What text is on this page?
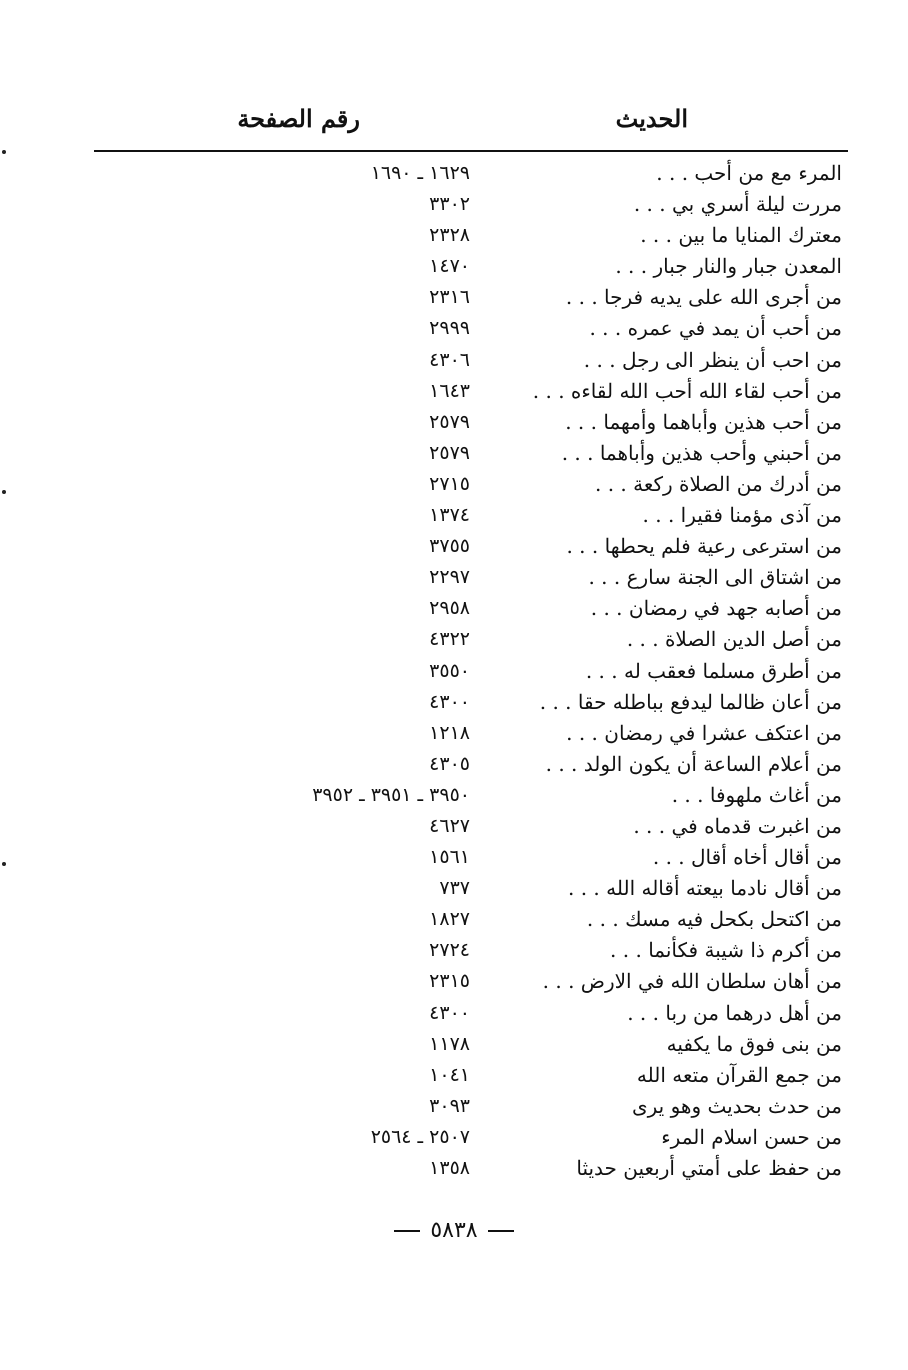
الحديث
رقم الصفحة
المرء مع من أحب . . .
١٦٢٩ ـ ١٦٩٠
مررت ليلة أسري بي . . .
٣٣٠٢
معترك المنايا ما بين . . .
٢٣٢٨
المعدن جبار والنار جبار . . .
١٤٧٠
من أجرى الله على يديه فرجا . . .
٢٣١٦
من أحب أن يمد في عمره . . .
٢٩٩٩
من احب أن ينظر الى رجل . . .
٤٣٠٦
من أحب لقاء الله أحب الله لقاءه . . .
١٦٤٣
من أحب هذين وأباهما وأمهما . . .
٢٥٧٩
من أحبني وأحب هذين وأباهما . . .
٢٥٧٩
من أدرك من الصلاة ركعة . . .
٢٧١٥
من آذى مؤمنا فقيرا . . .
١٣٧٤
من استرعى رعية فلم يحطها . . .
٣٧٥٥
من اشتاق الى الجنة سارع . . .
٢٢٩٧
من أصابه جهد في رمضان . . .
٢٩٥٨
من أصل الدين الصلاة . . .
٤٣٢٢
من أطرق مسلما فعقب له . . .
٣٥٥٠
من أعان ظالما ليدفع بباطله حقا . . .
٤٣٠٠
من اعتكف عشرا في رمضان . . .
١٢١٨
من أعلام الساعة أن يكون الولد . . .
٤٣٠٥
من أغاث ملهوفا . . .
٣٩٥٠ ـ ٣٩٥١ ـ ٣٩٥٢
من اغبرت قدماه في . . .
٤٦٢٧
من أقال أخاه أقال . . .
١٥٦١
من أقال نادما بيعته أقاله الله . . .
٧٣٧
من اكتحل بكحل فيه مسك . . .
١٨٢٧
من أكرم ذا شيبة فكأنما . . .
٢٧٢٤
من أهان سلطان الله في الارض . . .
٢٣١٥
من أهل درهما من ربا . . .
٤٣٠٠
من بنى فوق ما يكفيه
١١٧٨
من جمع القرآن متعه الله
١٠٤١
من حدث بحديث وهو يرى
٣٠٩٣
من حسن اسلام المرء
٢٥٠٧ ـ ٢٥٦٤
من حفظ على أمتي أربعين حديثا
١٣٥٨
٥٨٣٨
